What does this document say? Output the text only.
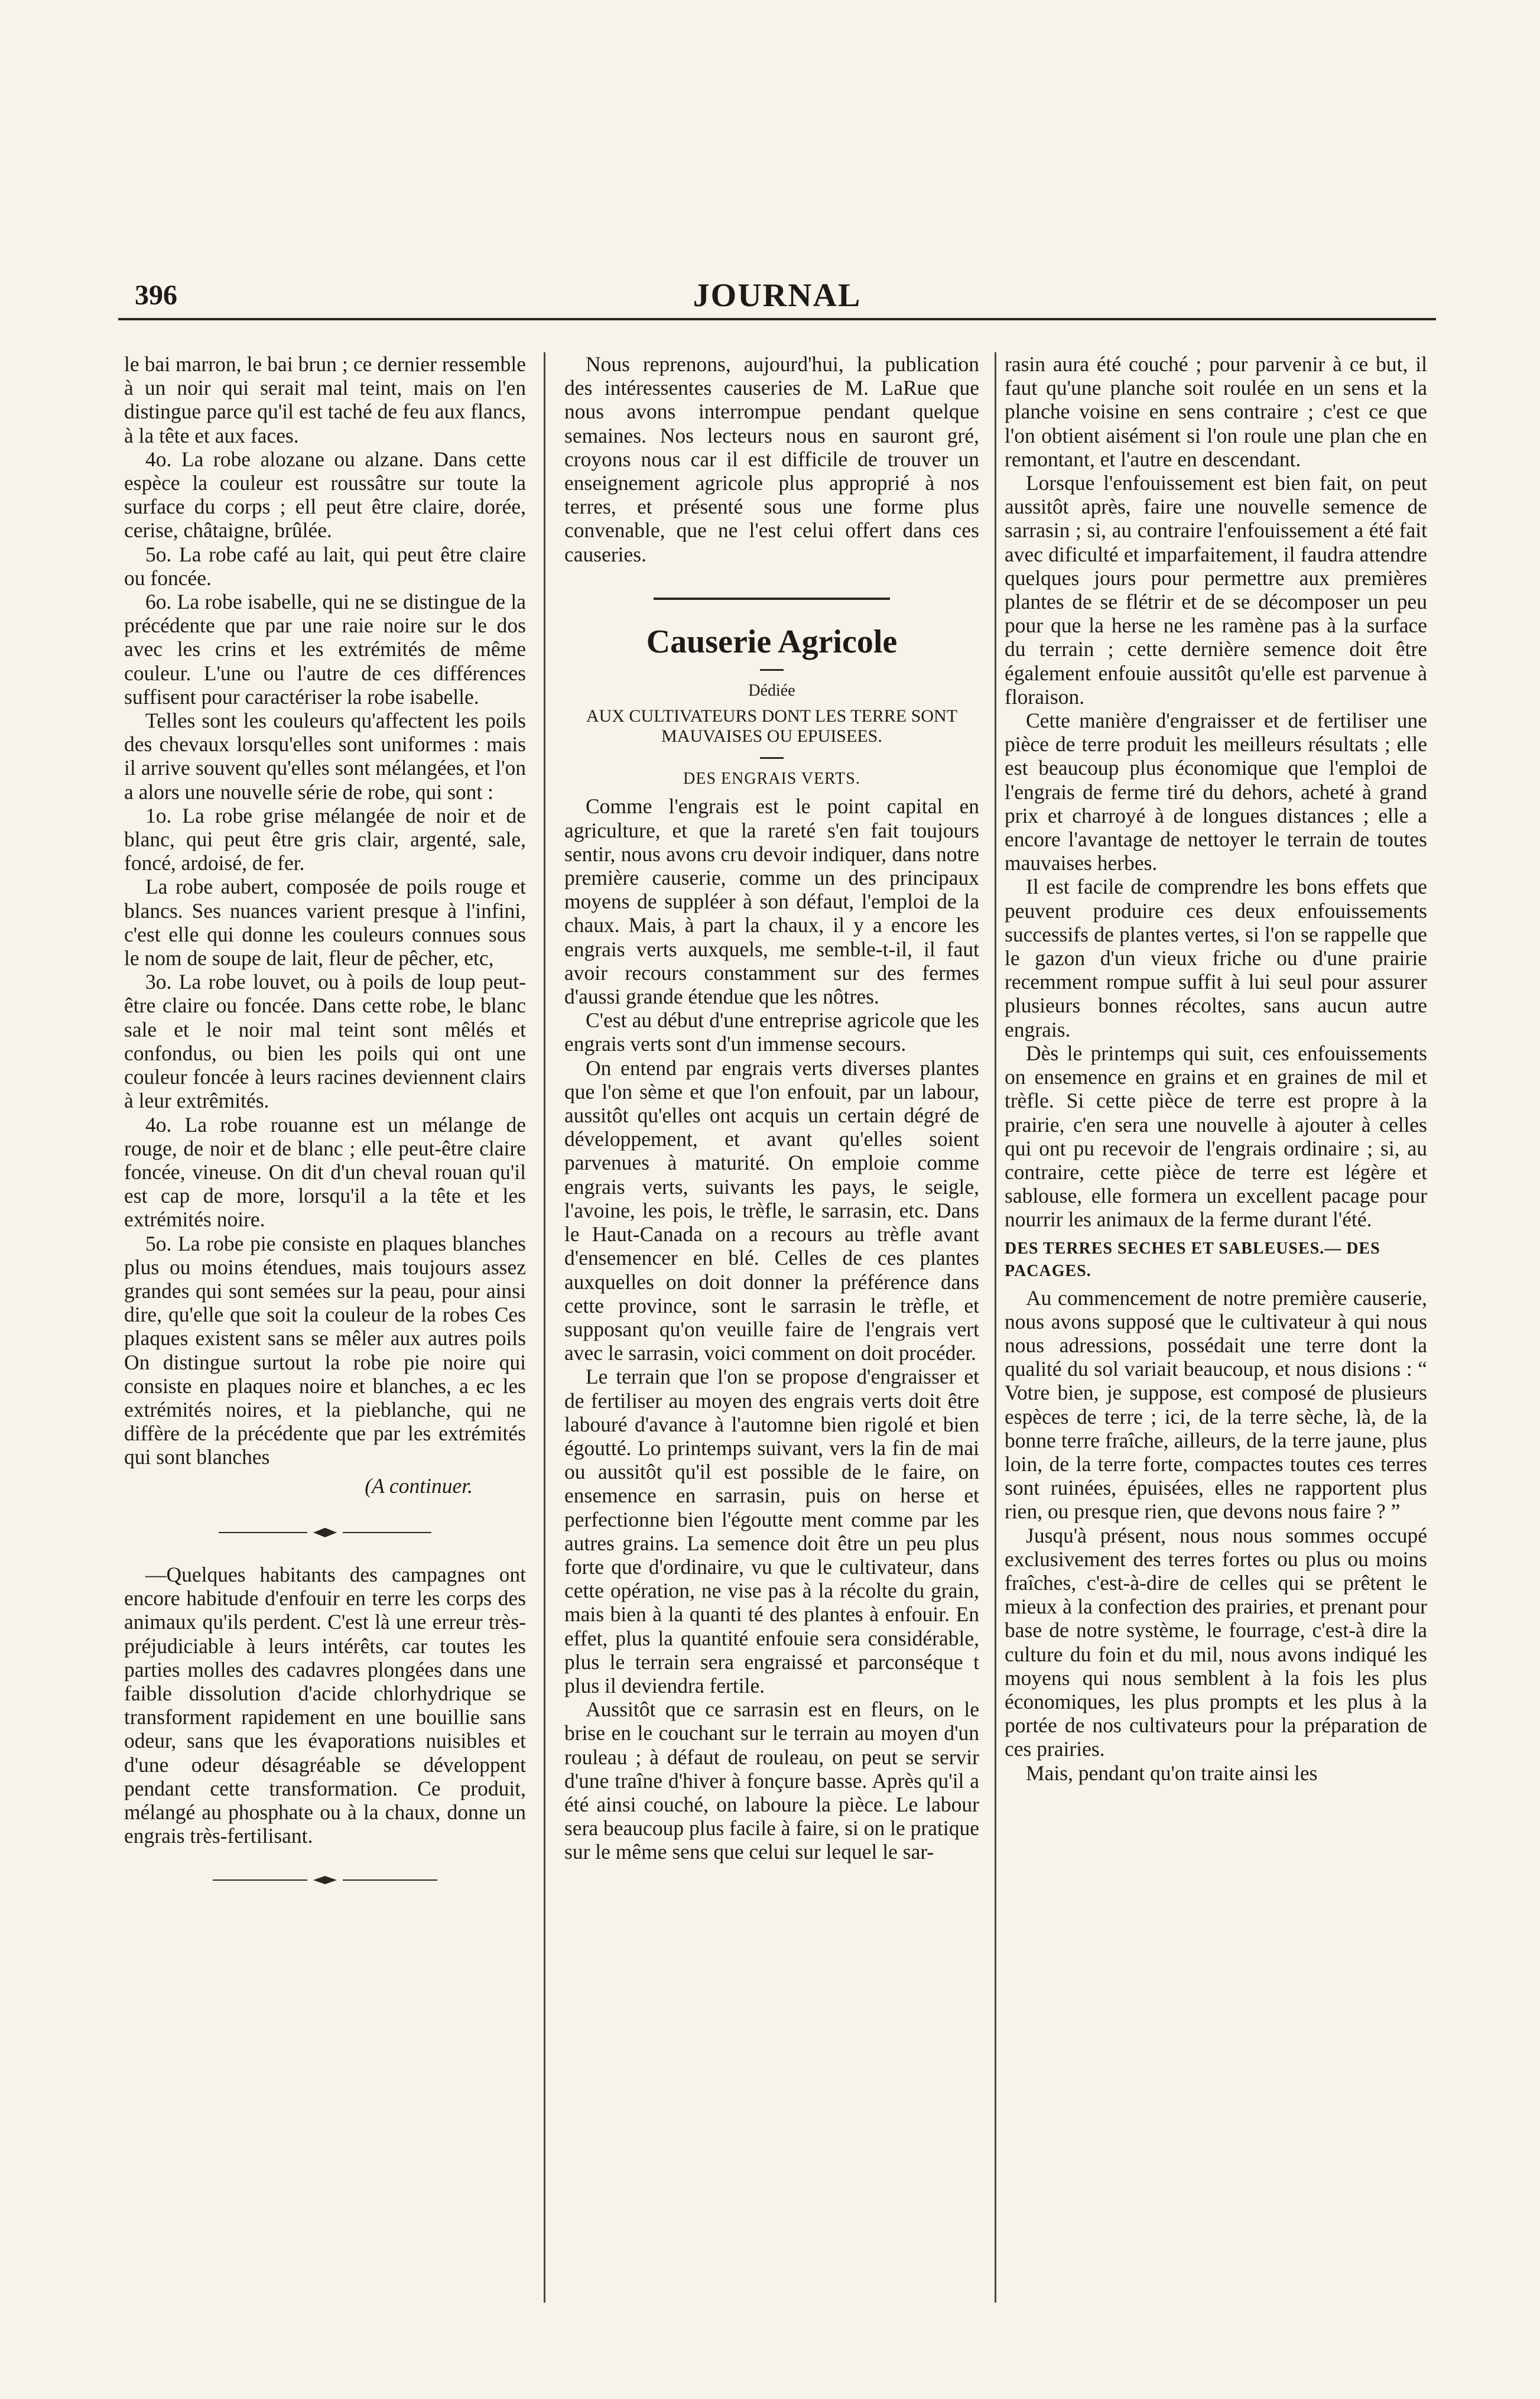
396	JOURNAL

le bai marron, le bai brun ; ce dernier ressemble à un noir qui serait mal teint, mais on l'en distingue parce qu'il est taché de feu aux flancs, à la tête et aux faces.

4o. La robe alozane ou alzane. Dans cette espèce la couleur est roussâtre sur toute la surface du corps ; ell peut être claire, dorée, cerise, châtaigne, brûlée.

5o. La robe café au lait, qui peut être claire ou foncée.

6o. La robe isabelle, qui ne se distingue de la précédente que par une raie noire sur le dos avec les crins et les extrémités de même couleur. L'une ou l'autre de ces différences suffisent pour caractériser la robe isabelle.

Telles sont les couleurs qu'affectent les poils des chevaux lorsqu'elles sont uniformes : mais il arrive souvent qu'elles sont mélangées, et l'on a alors une nouvelle série de robe, qui sont :

1o. La robe grise mélangée de noir et de blanc, qui peut être gris clair, argenté, sale, foncé, ardoisé, de fer.

La robe aubert, composée de poils rouge et blancs. Ses nuances varient presque à l'infini, c'est elle qui donne les couleurs connues sous le nom de soupe de lait, fleur de pêcher, etc,

3o. La robe louvet, ou à poils de loup peut-être claire ou foncée. Dans cette robe, le blanc sale et le noir mal teint sont mêlés et confondus, ou bien les poils qui ont une couleur foncée à leurs racines deviennent clairs à leur extrêmités.

4o. La robe rouanne est un mélange de rouge, de noir et de blanc ; elle peut-être claire foncée, vineuse. On dit d'un cheval rouan qu'il est cap de more, lorsqu'il a la tête et les extrémités noire.

5o. La robe pie consiste en plaques blanches plus ou moins étendues, mais toujours assez grandes qui sont semées sur la peau, pour ainsi dire, qu'elle que soit la couleur de la robes Ces plaques existent sans se mêler aux autres poils On distingue surtout la robe pie noire qui consiste en plaques noire et blanches, a ec les extrémités noires, et la pieblanche, qui ne diffère de la précédente que par les extrémités qui sont blanches

(A continuer.

—Quelques habitants des campagnes ont encore habitude d'enfouir en terre les corps des animaux qu'ils perdent. C'est là une erreur très-préjudiciable à leurs intérêts, car toutes les parties molles des cadavres plongées dans une faible dissolution d'acide chlorhydrique se transforment rapidement en une bouillie sans odeur, sans que les évaporations nuisibles et d'une odeur désagréable se développent pendant cette transformation. Ce produit, mélangé au phosphate ou à la chaux, donne un engrais très-fertilisant.

Nous reprenons, aujourd'hui, la publication des intéressentes causeries de M. LaRue que nous avons interrompue pendant quelque semaines. Nos lecteurs nous en sauront gré, croyons nous car il est difficile de trouver un enseignement agricole plus approprié à nos terres, et présenté sous une forme plus convenable, que ne l'est celui offert dans ces causeries.

Causerie Agricole
Dédiée
AUX CULTIVATEURS DONT LES TERRE SONT MAUVAISES OU EPUISEES.
DES ENGRAIS VERTS.

Comme l'engrais est le point capital en agriculture, et que la rareté s'en fait toujours sentir, nous avons cru devoir indiquer, dans notre première causerie, comme un des principaux moyens de suppléer à son défaut, l'emploi de la chaux. Mais, à part la chaux, il y a encore les engrais verts auxquels, me semble-t-il, il faut avoir recours constamment sur des fermes d'aussi grande étendue que les nôtres.

C'est au début d'une entreprise agricole que les engrais verts sont d'un immense secours.

On entend par engrais verts diverses plantes que l'on sème et que l'on enfouit, par un labour, aussitôt qu'elles ont acquis un certain dégré de développement, et avant qu'elles soient parvenues à maturité. On emploie comme engrais verts, suivants les pays, le seigle, l'avoine, les pois, le trèfle, le sarrasin, etc. Dans le Haut-Canada on a recours au trèfle avant d'ensemencer en blé. Celles de ces plantes auxquelles on doit donner la préférence dans cette province, sont le sarrasin le trèfle, et supposant qu'on veuille faire de l'engrais vert avec le sarrasin, voici comment on doit procéder.

Le terrain que l'on se propose d'engraisser et de fertiliser au moyen des engrais verts doit être labouré d'avance à l'automne bien rigolé et bien égoutté. Lo printemps suivant, vers la fin de mai ou aussitôt qu'il est possible de le faire, on ensemence en sarrasin, puis on herse et perfectionne bien l'égoutte ment comme par les autres grains. La semence doit être un peu plus forte que d'ordinaire, vu que le cultivateur, dans cette opération, ne vise pas à la récolte du grain, mais bien à la quanti té des plantes à enfouir. En effet, plus la quantité enfouie sera considérable, plus le terrain sera engraissé et parconséque t plus il deviendra fertile.

Aussitôt que ce sarrasin est en fleurs, on le brise en le couchant sur le terrain au moyen d'un rouleau ; à défaut de rouleau, on peut se servir d'une traîne d'hiver à fonçure basse. Après qu'il a été ainsi couché, on laboure la pièce. Le labour sera beaucoup plus facile à faire, si on le pratique sur le même sens que celui sur lequel le sar-

rasin aura été couché ; pour parvenir à ce but, il faut qu'une planche soit roulée en un sens et la planche voisine en sens contraire ; c'est ce que l'on obtient aisément si l'on roule une plan che en remontant, et l'autre en descendant.

Lorsque l'enfouissement est bien fait, on peut aussitôt après, faire une nouvelle semence de sarrasin ; si, au contraire l'enfouissement a été fait avec dificulté et imparfaitement, il faudra attendre quelques jours pour permettre aux premières plantes de se flétrir et de se décomposer un peu pour que la herse ne les ramène pas à la surface du terrain ; cette dernière semence doit être également enfouie aussitôt qu'elle est parvenue à floraison.

Cette manière d'engraisser et de fertiliser une pièce de terre produit les meilleurs résultats ; elle est beaucoup plus économique que l'emploi de l'engrais de ferme tiré du dehors, acheté à grand prix et charroyé à de longues distances ; elle a encore l'avantage de nettoyer le terrain de toutes mauvaises herbes.

Il est facile de comprendre les bons effets que peuvent produire ces deux enfouissements successifs de plantes vertes, si l'on se rappelle que le gazon d'un vieux friche ou d'une prairie recemment rompue suffit à lui seul pour assurer plusieurs bonnes récoltes, sans aucun autre engrais.

Dès le printemps qui suit, ces enfouissements on ensemence en grains et en graines de mil et trèfle. Si cette pièce de terre est propre à la prairie, c'en sera une nouvelle à ajouter à celles qui ont pu recevoir de l'engrais ordinaire ; si, au contraire, cette pièce de terre est légère et sablouse, elle formera un excellent pacage pour nourrir les animaux de la ferme durant l'été.

DES TERRES SECHES ET SABLEUSES.— DES PACAGES.

Au commencement de notre première causerie, nous avons supposé que le cultivateur à qui nous nous adressions, possédait une terre dont la qualité du sol variait beaucoup, et nous disions : “ Votre bien, je suppose, est composé de plusieurs espèces de terre ; ici, de la terre sèche, là, de la bonne terre fraîche, ailleurs, de la terre jaune, plus loin, de la terre forte, compactes toutes ces terres sont ruinées, épuisées, elles ne rapportent plus rien, ou presque rien, que devons nous faire ? ”

Jusqu'à présent, nous nous sommes occupé exclusivement des terres fortes ou plus ou moins fraîches, c'est-à-dire de celles qui se prêtent le mieux à la confection des prairies, et prenant pour base de notre système, le fourrage, c'est-à dire la culture du foin et du mil, nous avons indiqué les moyens qui nous semblent à la fois les plus économiques, les plus prompts et les plus à la portée de nos cultivateurs pour la préparation de ces prairies.

Mais, pendant qu'on traite ainsi les
